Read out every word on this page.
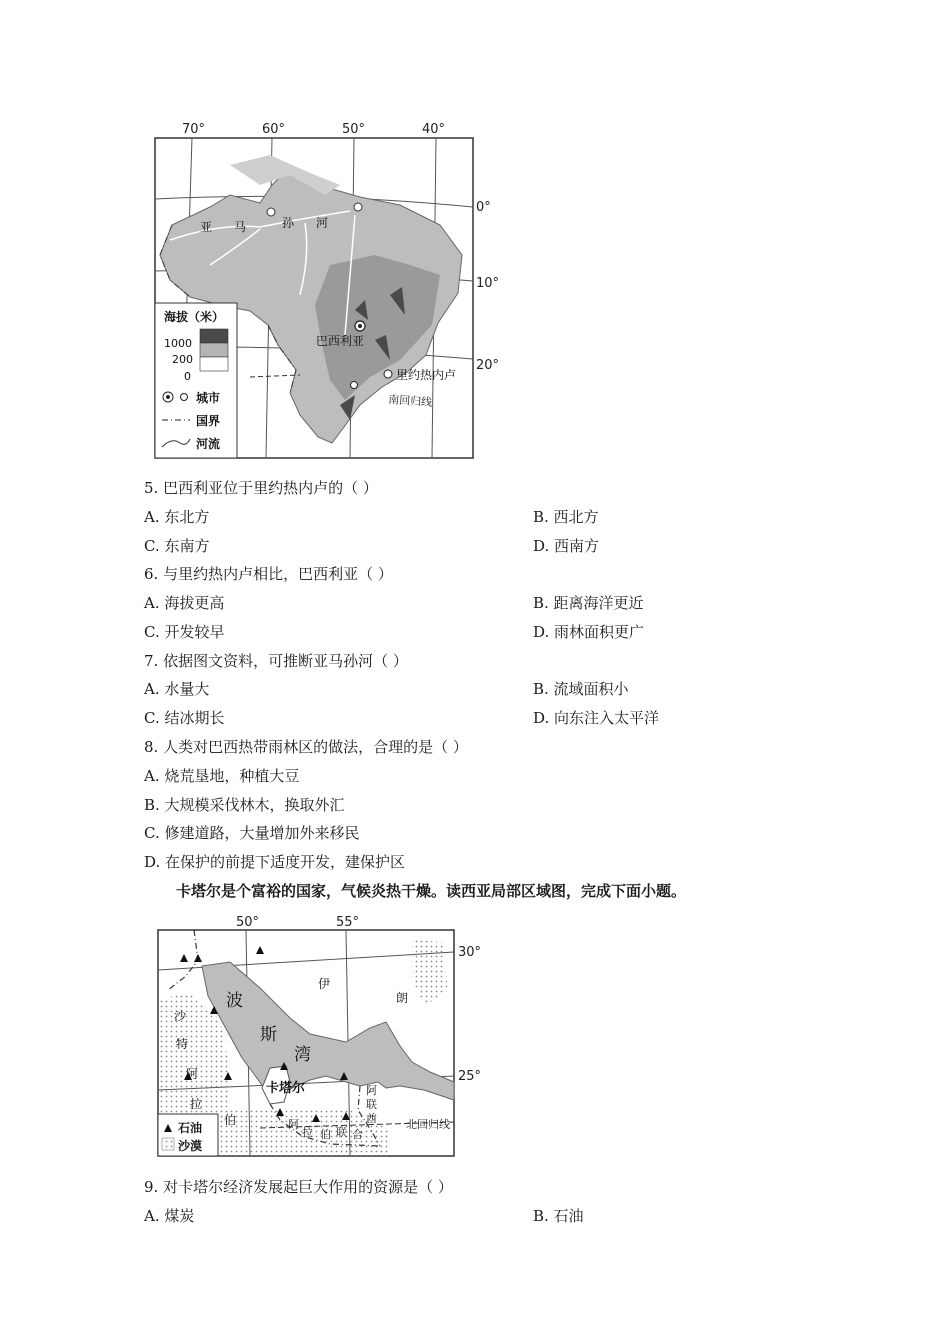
70°	60°	50°	40°
0°
10°
20°
亚 马	孙 河
巴西利亚
里约热内卢
南回归线
海拔（米）
1000
200
0
城市
国界
河流
5. 巴西利亚位于里约热内卢的（ ）
A. 东北方	B. 西北方
C. 东南方	D. 西南方
6. 与里约热内卢相比，巴西利亚（ ）
A. 海拔更高	B. 距离海洋更近
C. 开发较早	D. 雨林面积更广
7. 依据图文资料，可推断亚马孙河（ ）
A. 水量大	B. 流域面积小
C. 结冰期长	D. 向东注入太平洋
8. 人类对巴西热带雨林区的做法，合理的是（ ）
A. 烧荒垦地，种植大豆
B. 大规模采伐林木，换取外汇
C. 修建道路，大量增加外来移民
D. 在保护的前提下适度开发，建保护区
卡塔尔是个富裕的国家，气候炎热干燥。读西亚局部区域图，完成下面小题。
50°	55°
30°
25°
伊
朗
波
斯
湾
沙
特
阿
拉
伯
卡塔尔	阿
联
酋
阿
拉 伯 联 合
北回归线
石油
沙漠
9. 对卡塔尔经济发展起巨大作用的资源是（ ）
A. 煤炭	B. 石油
